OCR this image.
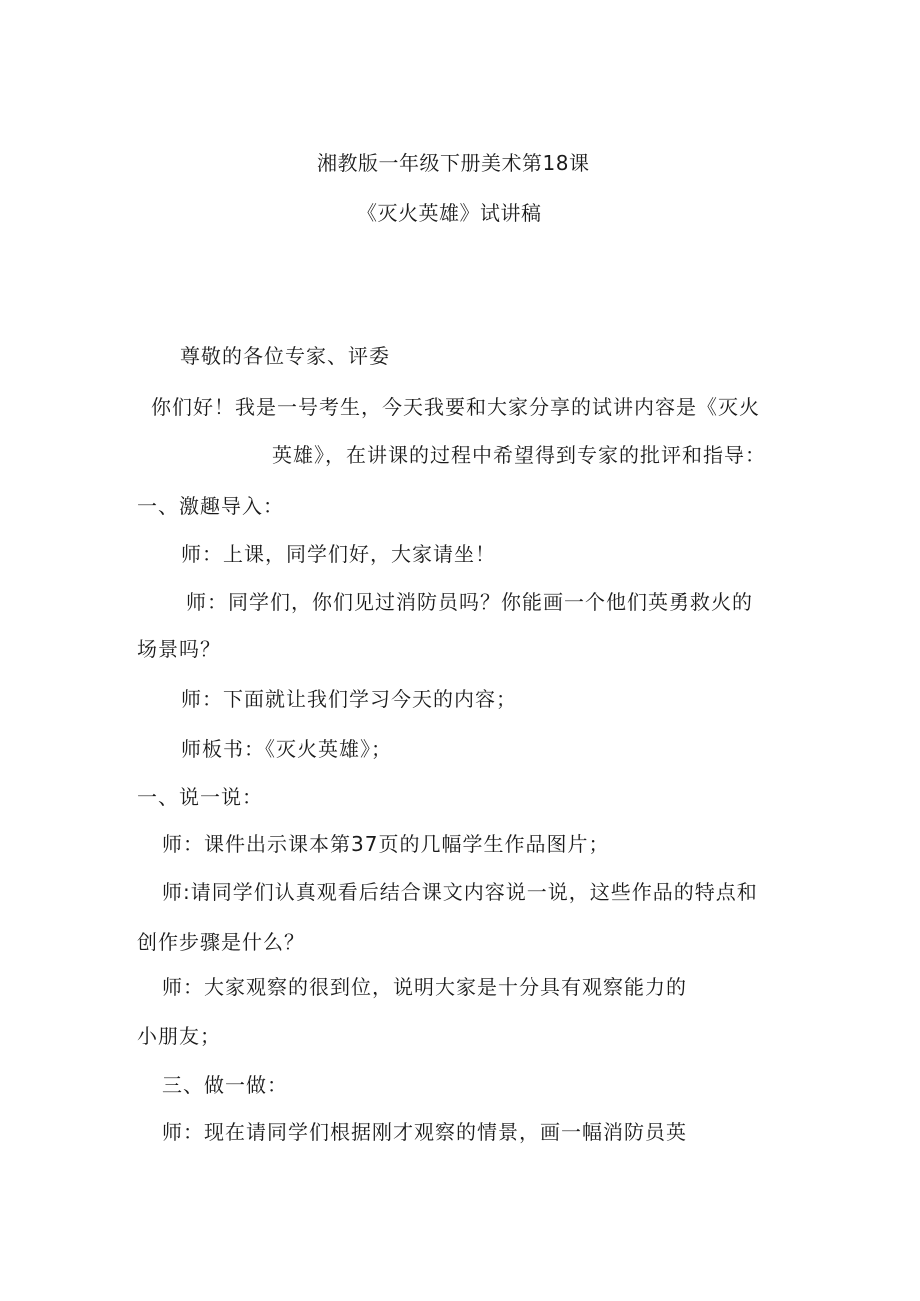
湘教版一年级下册美术第18课
《灭火英雄》试讲稿
尊敬的各位专家、评委
你们好！我是一号考生，今天我要和大家分享的试讲内容是《灭火
英雄》，在讲课的过程中希望得到专家的批评和指导：
一、激趣导入：
师：上课，同学们好，大家请坐！
师：同学们，你们见过消防员吗？你能画一个他们英勇救火的
场景吗？
师：下面就让我们学习今天的内容；
师板书：《灭火英雄》；
一、说一说：
师：课件出示课本第37页的几幅学生作品图片；
师:请同学们认真观看后结合课文内容说一说，这些作品的特点和
创作步骤是什么？
师：大家观察的很到位，说明大家是十分具有观察能力的
小朋友；
三、做一做：
师：现在请同学们根据刚才观察的情景，画一幅消防员英
